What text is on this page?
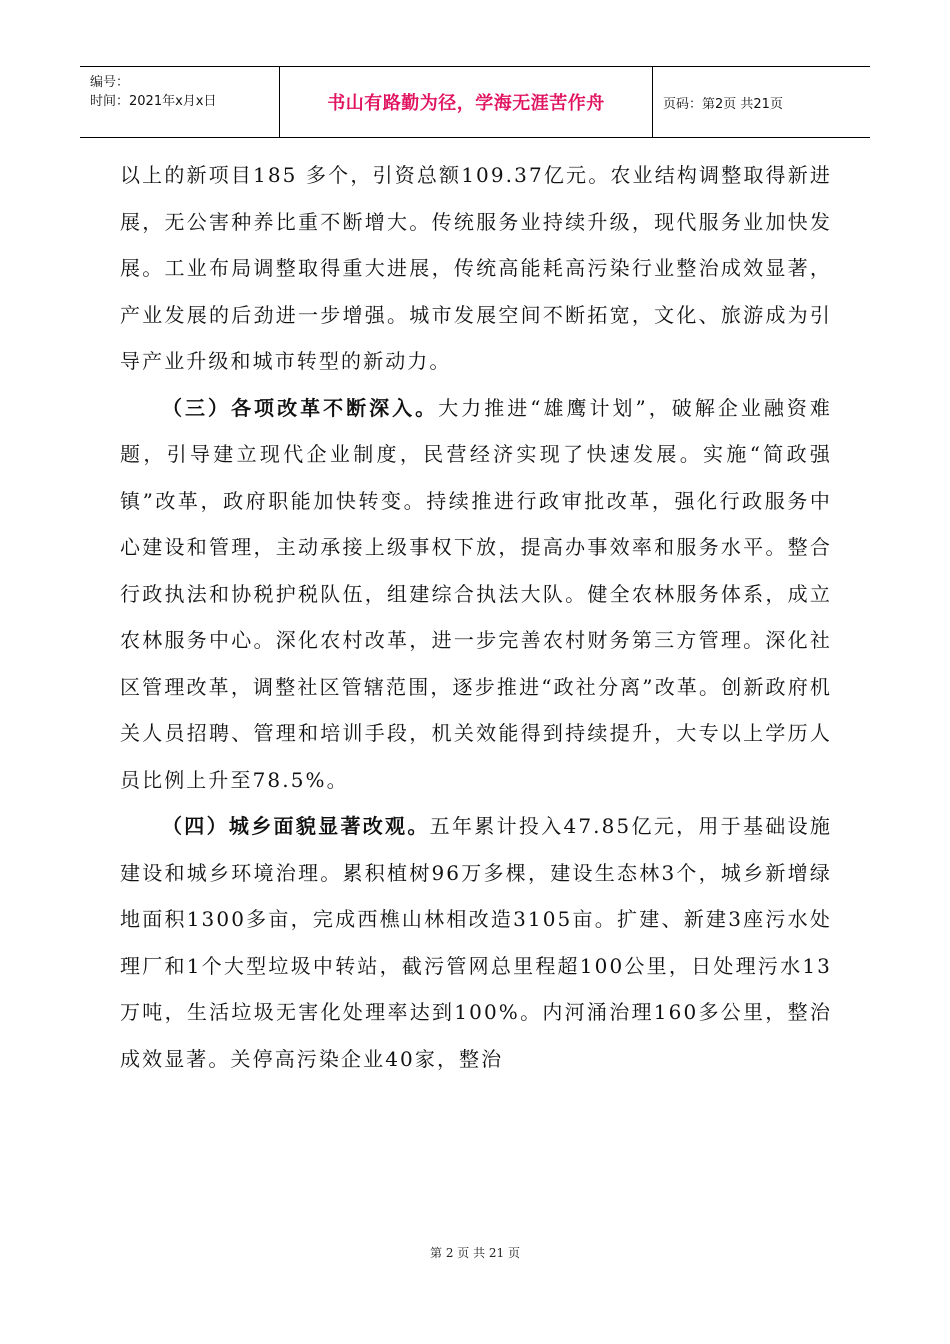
编号：
时间：2021年x月x日	书山有路勤为径，学海无涯苦作舟	页码：第2页 共21页

以上的新项目185 多个，引资总额109.37亿元。农业结构调整取得新进展，无公害种养比重不断增大。传统服务业持续升级，现代服务业加快发展。工业布局调整取得重大进展，传统高能耗高污染行业整治成效显著，产业发展的后劲进一步增强。城市发展空间不断拓宽，文化、旅游成为引导产业升级和城市转型的新动力。

（三）各项改革不断深入。大力推进“雄鹰计划”，破解企业融资难题，引导建立现代企业制度，民营经济实现了快速发展。实施“简政强镇”改革，政府职能加快转变。持续推进行政审批改革，强化行政服务中心建设和管理，主动承接上级事权下放，提高办事效率和服务水平。整合行政执法和协税护税队伍，组建综合执法大队。健全农林服务体系，成立农林服务中心。深化农村改革，进一步完善农村财务第三方管理。深化社区管理改革，调整社区管辖范围，逐步推进“政社分离”改革。创新政府机关人员招聘、管理和培训手段，机关效能得到持续提升，大专以上学历人员比例上升至78.5%。

（四）城乡面貌显著改观。五年累计投入47.85亿元，用于基础设施建设和城乡环境治理。累积植树96万多棵，建设生态林3个，城乡新增绿地面积1300多亩，完成西樵山林相改造3105亩。扩建、新建3座污水处理厂和1个大型垃圾中转站，截污管网总里程超100公里，日处理污水13万吨，生活垃圾无害化处理率达到100%。内河涌治理160多公里，整治成效显著。关停高污染企业40家，整治

第 2 页 共 21 页
